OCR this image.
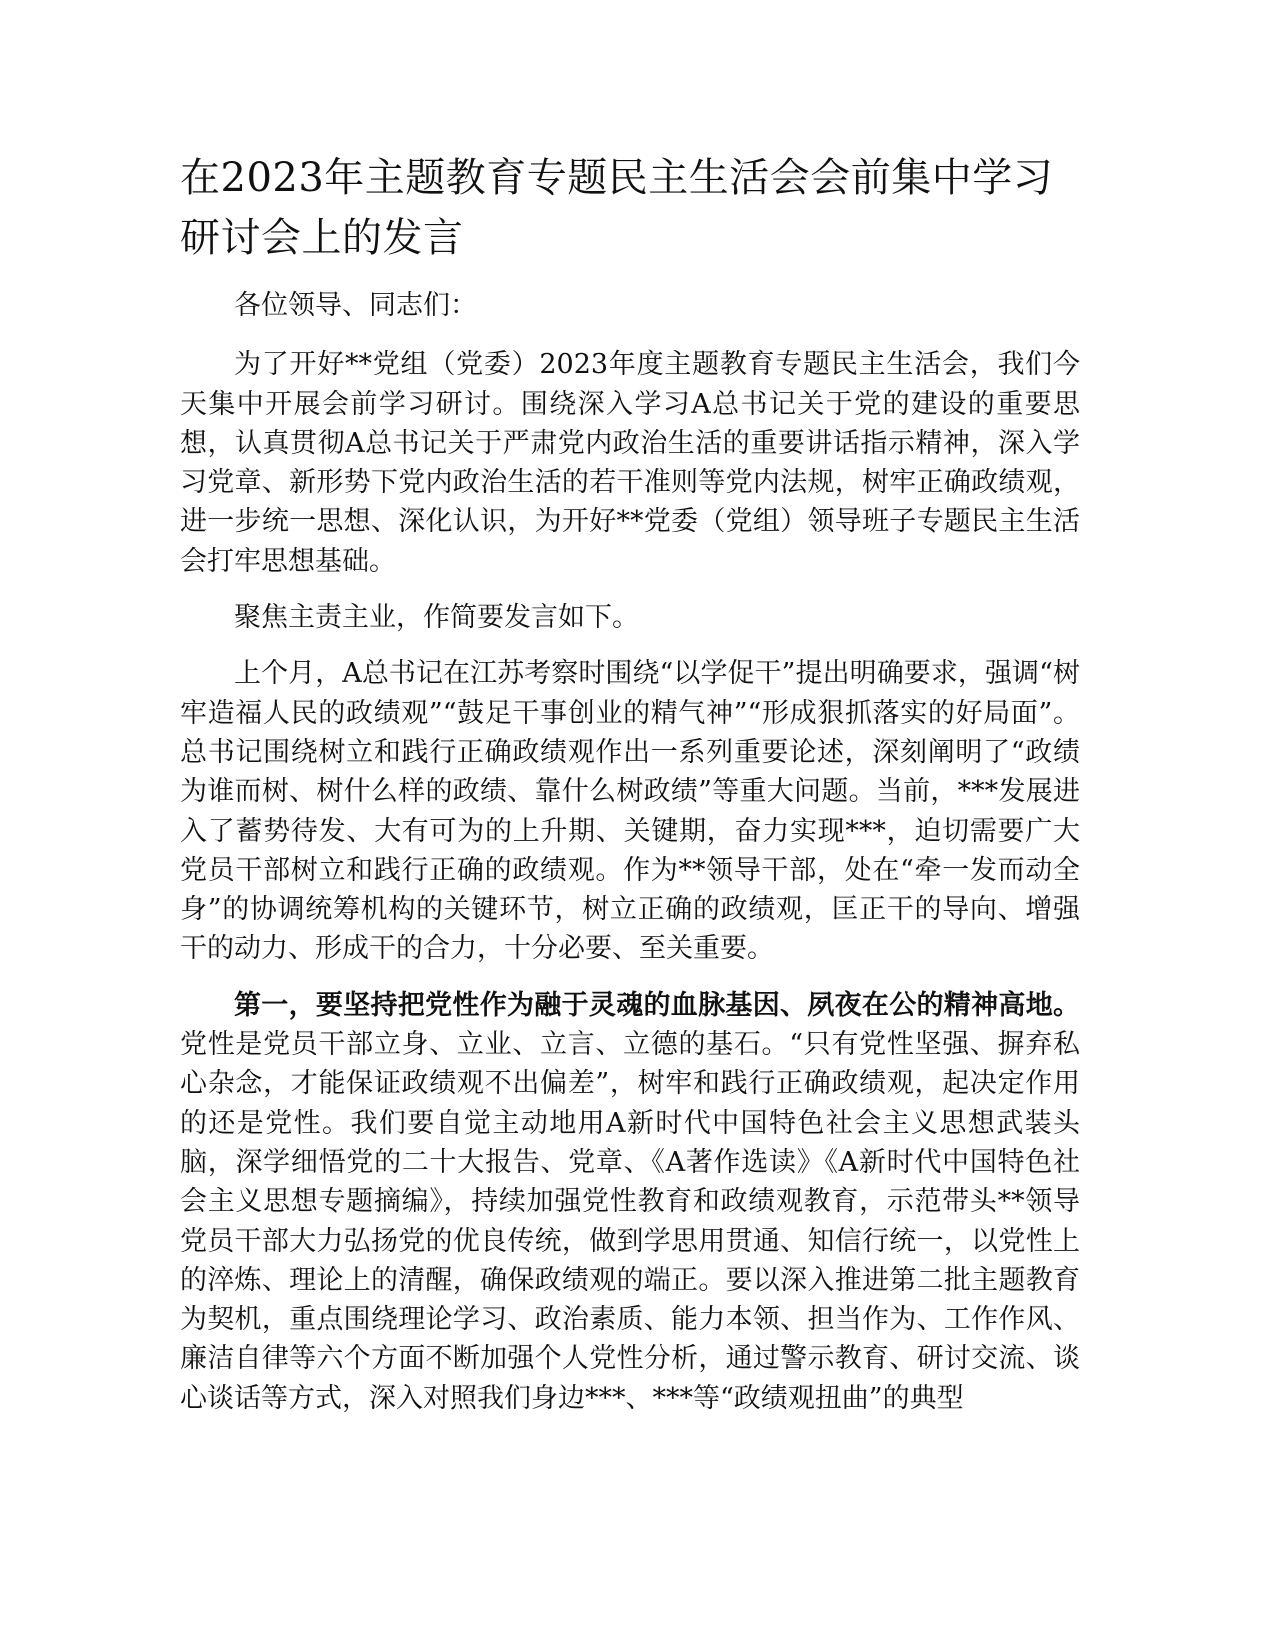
在2023年主题教育专题民主生活会会前集中学习研讨会上的发言

各位领导、同志们：

为了开好**党组（党委）2023年度主题教育专题民主生活会，我们今天集中开展会前学习研讨。围绕深入学习A总书记关于党的建设的重要思想，认真贯彻A总书记关于严肃党内政治生活的重要讲话指示精神，深入学习党章、新形势下党内政治生活的若干准则等党内法规，树牢正确政绩观，进一步统一思想、深化认识，为开好**党委（党组）领导班子专题民主生活会打牢思想基础。

聚焦主责主业，作简要发言如下。

上个月，A总书记在江苏考察时围绕“以学促干”提出明确要求，强调“树牢造福人民的政绩观”“鼓足干事创业的精气神”“形成狠抓落实的好局面”。总书记围绕树立和践行正确政绩观作出一系列重要论述，深刻阐明了“政绩为谁而树、树什么样的政绩、靠什么树政绩”等重大问题。当前，***发展进入了蓄势待发、大有可为的上升期、关键期，奋力实现***，迫切需要广大党员干部树立和践行正确的政绩观。作为**领导干部，处在“牵一发而动全身”的协调统筹机构的关键环节，树立正确的政绩观，匡正干的导向、增强干的动力、形成干的合力，十分必要、至关重要。

第一，要坚持把党性作为融于灵魂的血脉基因、夙夜在公的精神高地。党性是党员干部立身、立业、立言、立德的基石。“只有党性坚强、摒弃私心杂念，才能保证政绩观不出偏差”，树牢和践行正确政绩观，起决定作用的还是党性。我们要自觉主动地用A新时代中国特色社会主义思想武装头脑，深学细悟党的二十大报告、党章、《A著作选读》《A新时代中国特色社会主义思想专题摘编》，持续加强党性教育和政绩观教育，示范带头**领导党员干部大力弘扬党的优良传统，做到学思用贯通、知信行统一，以党性上的淬炼、理论上的清醒，确保政绩观的端正。要以深入推进第二批主题教育为契机，重点围绕理论学习、政治素质、能力本领、担当作为、工作作风、廉洁自律等六个方面不断加强个人党性分析，通过警示教育、研讨交流、谈心谈话等方式，深入对照我们身边***、***等“政绩观扭曲”的典型
